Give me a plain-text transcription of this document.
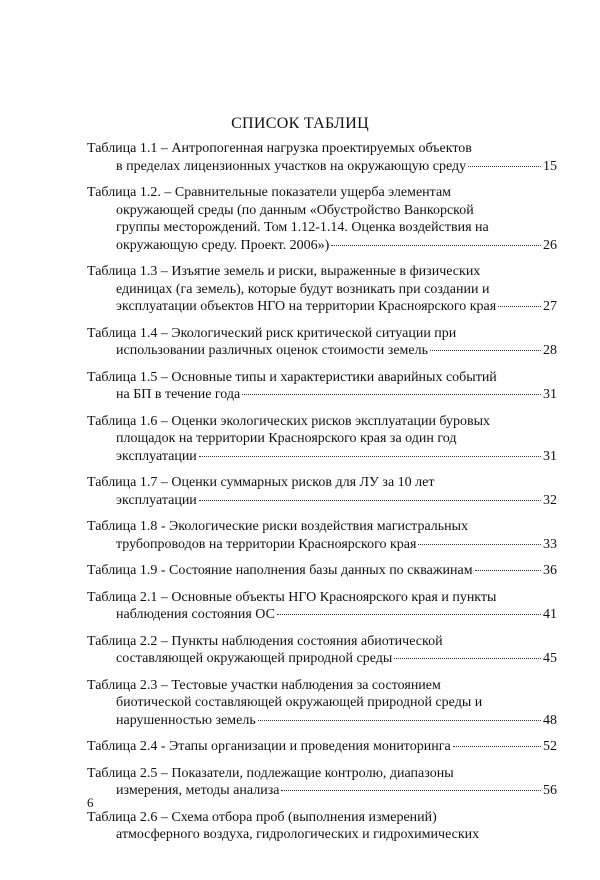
СПИСОК ТАБЛИЦ
Таблица 1.1 – Антропогенная нагрузка проектируемых объектов
в пределах лицензионных участков на окружающую среду	15
Таблица 1.2. – Сравнительные показатели ущерба элементам
окружающей среды (по данным «Обустройство Ванкорской
группы месторождений. Том 1.12-1.14. Оценка воздействия на
окружающую среду. Проект. 2006»)	26
Таблица 1.3 – Изъятие земель и риски, выраженные в физических
единицах (га земель), которые будут возникать при создании и
эксплуатации объектов НГО на территории Красноярского края	27
Таблица 1.4 – Экологический риск критической ситуации при
использовании различных оценок стоимости земель	28
Таблица 1.5 – Основные типы и характеристики аварийных событий
на БП в течение года	31
Таблица 1.6 – Оценки экологических рисков эксплуатации буровых
площадок на территории Красноярского края за один год
эксплуатации	31
Таблица 1.7 – Оценки суммарных рисков для ЛУ за 10 лет
эксплуатации	32
Таблица 1.8 - Экологические риски воздействия магистральных
трубопроводов на территории Красноярского края	33
Таблица 1.9 - Состояние наполнения базы данных по скважинам	36
Таблица 2.1 – Основные объекты НГО Красноярского края и пункты
наблюдения состояния ОС	41
Таблица 2.2 – Пункты наблюдения состояния абиотической
составляющей окружающей природной среды	45
Таблица 2.3 – Тестовые участки наблюдения за состоянием
биотической составляющей окружающей природной среды и
нарушенностью земель	48
Таблица 2.4 - Этапы организации и проведения мониторинга	52
Таблица 2.5 – Показатели, подлежащие контролю, диапазоны
измерения, методы анализа	56
Таблица 2.6 – Схема отбора проб (выполнения измерений)
атмосферного воздуха, гидрологических и гидрохимических
6
